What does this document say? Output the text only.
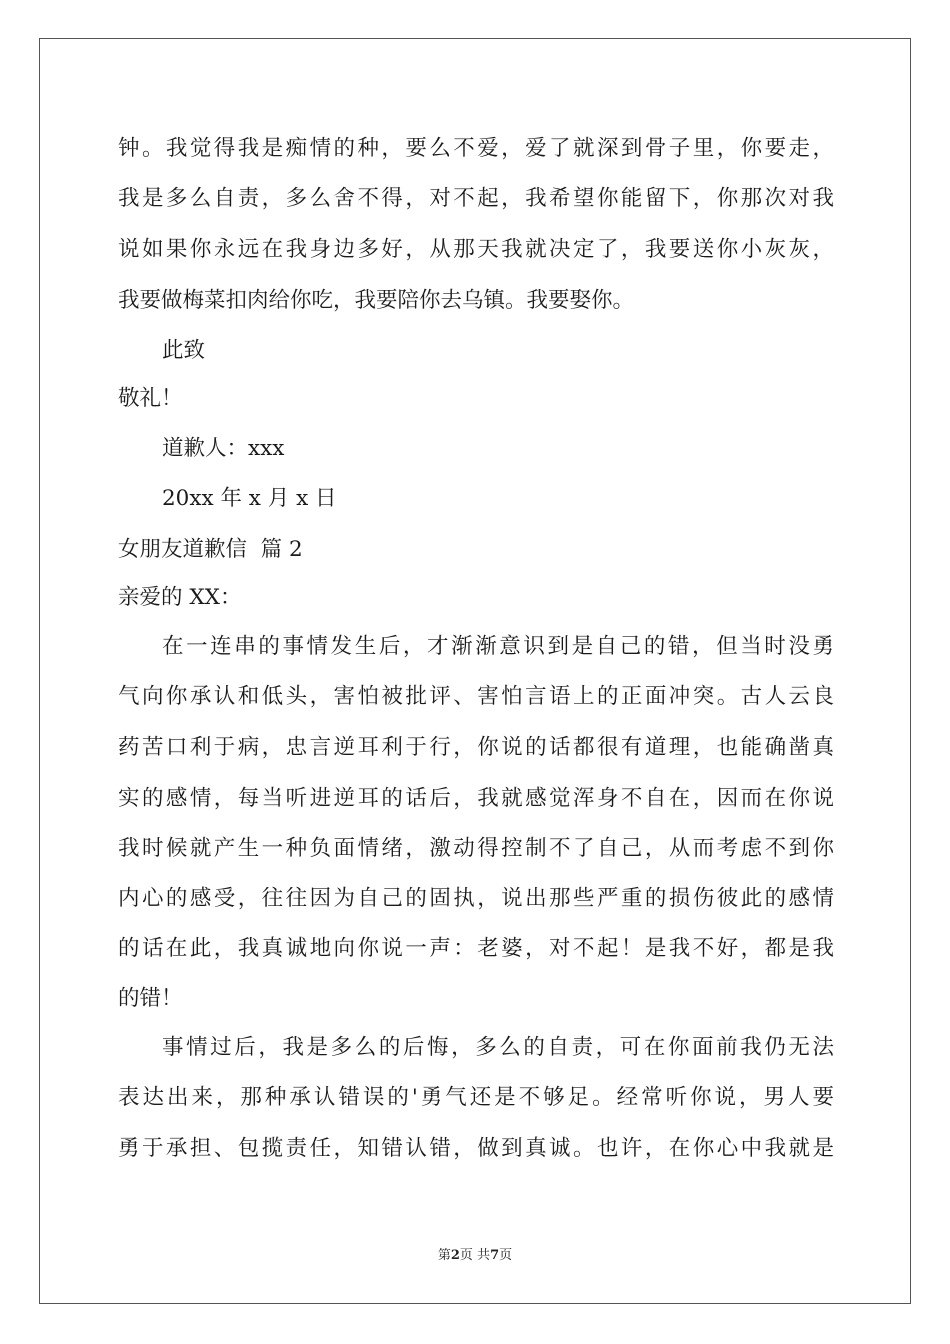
钟。我觉得我是痴情的种，要么不爱，爱了就深到骨子里，你要走，
我是多么自责，多么舍不得，对不起，我希望你能留下，你那次对我
说如果你永远在我身边多好，从那天我就决定了，我要送你小灰灰，
我要做梅菜扣肉给你吃，我要陪你去乌镇。我要娶你。
此致
敬礼！
道歉人：xxx
20xx 年 x 月 x 日
女朋友道歉信  篇 2
亲爱的 XX：
在一连串的事情发生后，才渐渐意识到是自己的错，但当时没勇
气向你承认和低头，害怕被批评、害怕言语上的正面冲突。古人云良
药苦口利于病，忠言逆耳利于行，你说的话都很有道理，也能确凿真
实的感情，每当听进逆耳的话后，我就感觉浑身不自在，因而在你说
我时候就产生一种负面情绪，激动得控制不了自己，从而考虑不到你
内心的感受，往往因为自己的固执，说出那些严重的损伤彼此的感情
的话在此，我真诚地向你说一声：老婆，对不起！是我不好，都是我
的错！
事情过后，我是多么的后悔，多么的自责，可在你面前我仍无法
表达出来，那种承认错误的'勇气还是不够足。经常听你说，男人要
勇于承担、包揽责任，知错认错，做到真诚。也许，在你心中我就是
第2页 共7页
